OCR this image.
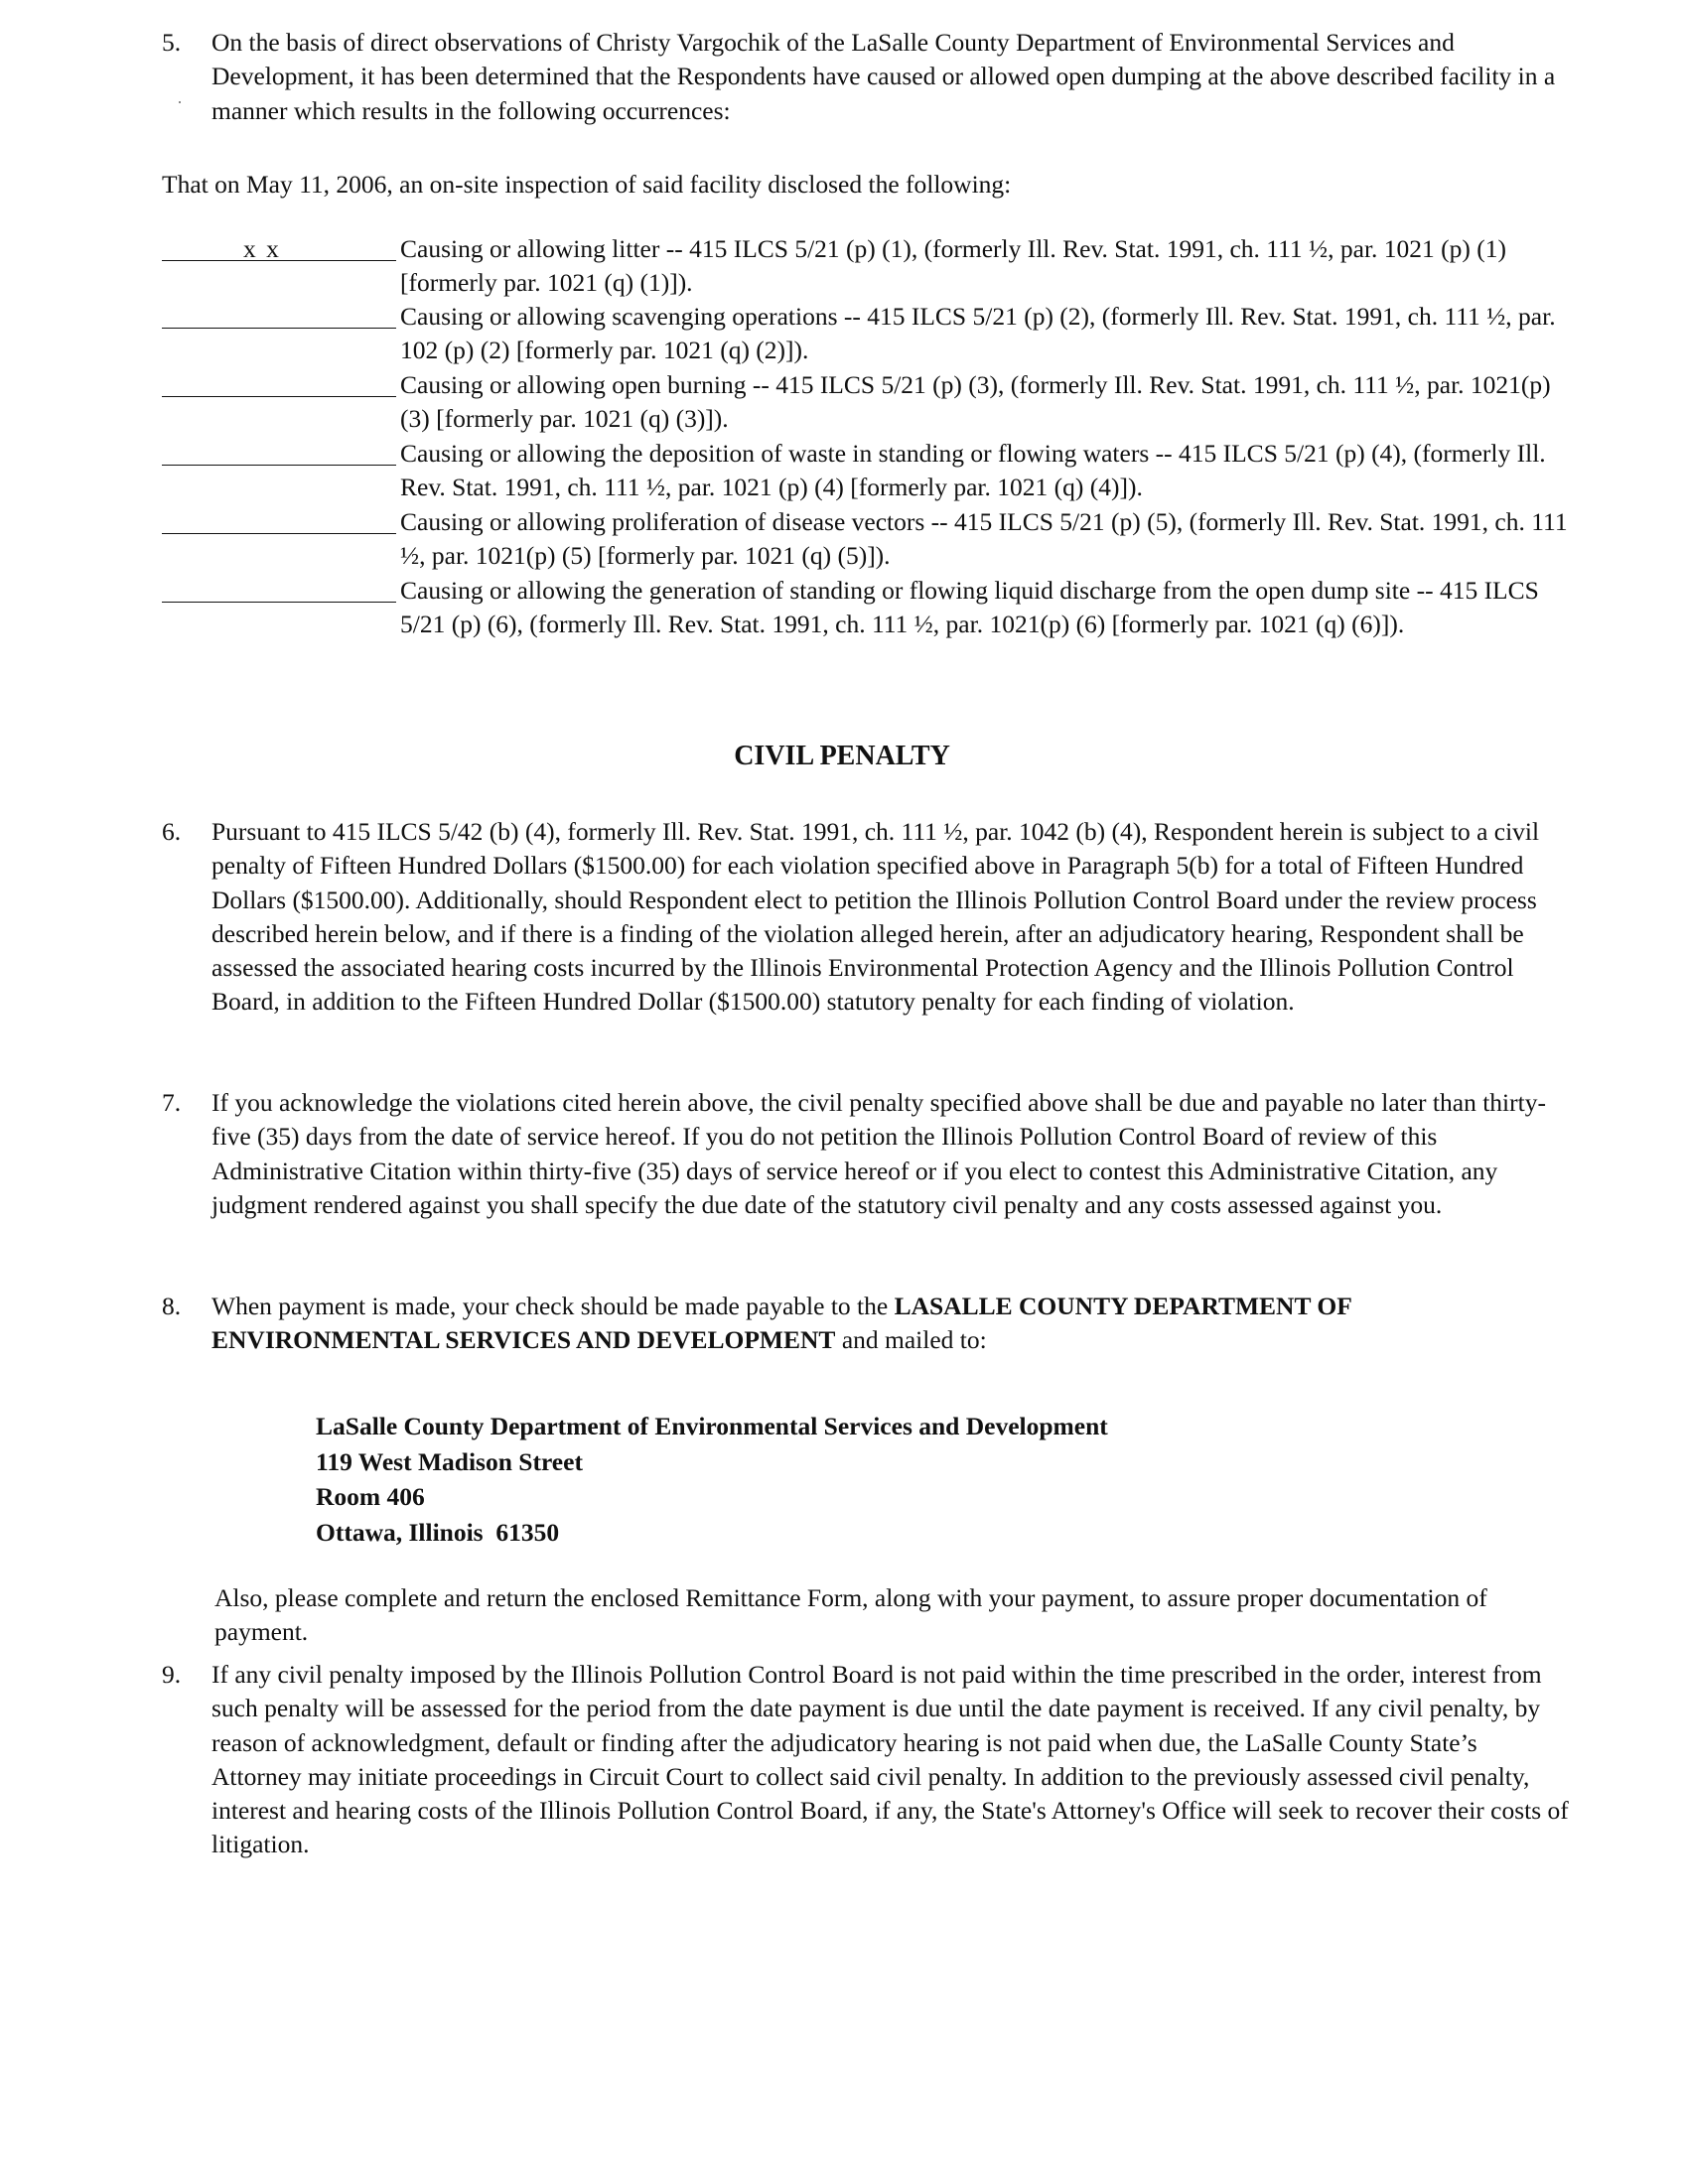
5. On the basis of direct observations of Christy Vargochik of the LaSalle County Department of Environmental Services and Development, it has been determined that the Respondents have caused or allowed open dumping at the above described facility in a manner which results in the following occurrences:
That on May 11, 2006, an on-site inspection of said facility disclosed the following:
x x	Causing or allowing litter -- 415 ILCS 5/21 (p) (1), (formerly Ill. Rev. Stat. 1991, ch. 111 ½, par. 1021 (p) (1) [formerly par. 1021 (q) (1)]).
Causing or allowing scavenging operations -- 415 ILCS 5/21 (p) (2), (formerly Ill. Rev. Stat. 1991, ch. 111 ½, par. 102 (p) (2) [formerly par. 1021 (q) (2)]).
Causing or allowing open burning -- 415 ILCS 5/21 (p) (3), (formerly Ill. Rev. Stat. 1991, ch. 111 ½, par. 1021(p) (3) [formerly par. 1021 (q) (3)]).
Causing or allowing the deposition of waste in standing or flowing waters -- 415 ILCS 5/21 (p) (4), (formerly Ill. Rev. Stat. 1991, ch. 111 ½, par. 1021 (p) (4) [formerly par. 1021 (q) (4)]).
Causing or allowing proliferation of disease vectors -- 415 ILCS 5/21 (p) (5), (formerly Ill. Rev. Stat. 1991, ch. 111 ½, par. 1021(p) (5) [formerly par. 1021 (q) (5)]).
Causing or allowing the generation of standing or flowing liquid discharge from the open dump site -- 415 ILCS 5/21 (p) (6), (formerly Ill. Rev. Stat. 1991, ch. 111 ½, par. 1021(p) (6) [formerly par. 1021 (q) (6)]).
CIVIL PENALTY
6. Pursuant to 415 ILCS 5/42 (b) (4), formerly Ill. Rev. Stat. 1991, ch. 111 ½, par. 1042 (b) (4), Respondent herein is subject to a civil penalty of Fifteen Hundred Dollars ($1500.00) for each violation specified above in Paragraph 5(b) for a total of Fifteen Hundred Dollars ($1500.00). Additionally, should Respondent elect to petition the Illinois Pollution Control Board under the review process described herein below, and if there is a finding of the violation alleged herein, after an adjudicatory hearing, Respondent shall be assessed the associated hearing costs incurred by the Illinois Environmental Protection Agency and the Illinois Pollution Control Board, in addition to the Fifteen Hundred Dollar ($1500.00) statutory penalty for each finding of violation.
7. If you acknowledge the violations cited herein above, the civil penalty specified above shall be due and payable no later than thirty-five (35) days from the date of service hereof. If you do not petition the Illinois Pollution Control Board of review of this Administrative Citation within thirty-five (35) days of service hereof or if you elect to contest this Administrative Citation, any judgment rendered against you shall specify the due date of the statutory civil penalty and any costs assessed against you.
8. When payment is made, your check should be made payable to the LASALLE COUNTY DEPARTMENT OF ENVIRONMENTAL SERVICES AND DEVELOPMENT and mailed to:
LaSalle County Department of Environmental Services and Development
119 West Madison Street
Room 406
Ottawa, Illinois  61350
Also, please complete and return the enclosed Remittance Form, along with your payment, to assure proper documentation of payment.
9. If any civil penalty imposed by the Illinois Pollution Control Board is not paid within the time prescribed in the order, interest from such penalty will be assessed for the period from the date payment is due until the date payment is received. If any civil penalty, by reason of acknowledgment, default or finding after the adjudicatory hearing is not paid when due, the LaSalle County State’s Attorney may initiate proceedings in Circuit Court to collect said civil penalty. In addition to the previously assessed civil penalty, interest and hearing costs of the Illinois Pollution Control Board, if any, the State's Attorney's Office will seek to recover their costs of litigation.
